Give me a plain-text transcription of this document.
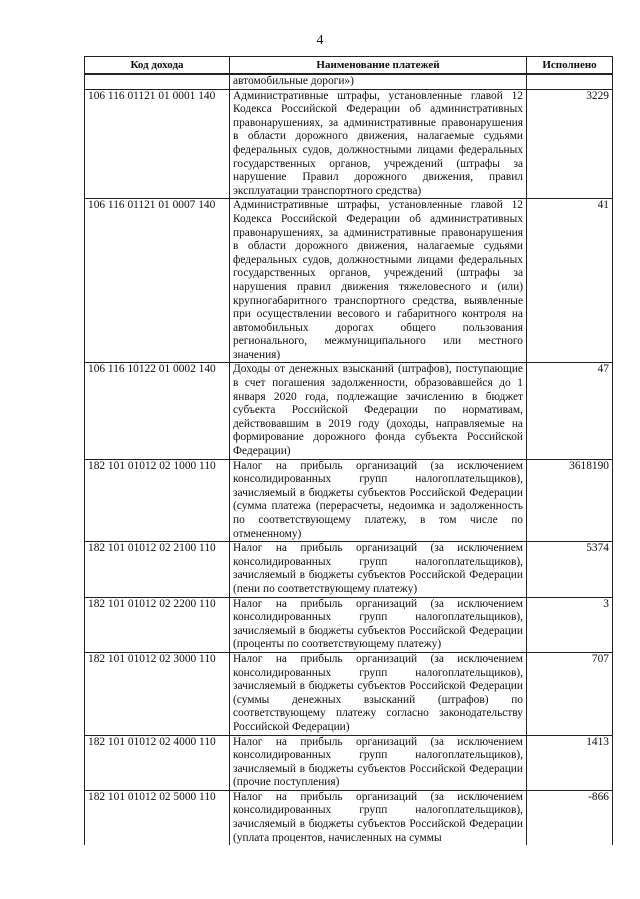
4
Код дохода	Наименование платежей	Исполнено
	автомобильные дороги»)	
106 116 01121 01 0001 140	Административные штрафы, установленные главой 12 Кодекса Российской Федерации об административных правонарушениях, за административные правонарушения в области дорожного движения, налагаемые судьями федеральных судов, должностными лицами федеральных государственных органов, учреждений (штрафы за нарушение Правил дорожного движения, правил эксплуатации транспортного средства)	3229
106 116 01121 01 0007 140	Административные штрафы, установленные главой 12 Кодекса Российской Федерации об административных правонарушениях, за административные правонарушения в области дорожного движения, налагаемые судьями федеральных судов, должностными лицами федеральных государственных органов, учреждений (штрафы за нарушения правил движения тяжеловесного и (или) крупногабаритного транспортного средства, выявленные при осуществлении весового и габаритного контроля на автомобильных дорогах общего пользования регионального, межмуниципального или местного значения)	41
106 116 10122 01 0002 140	Доходы от денежных взысканий (штрафов), поступающие в счет погашения задолженности, образовавшейся до 1 января 2020 года, подлежащие зачислению в бюджет субъекта Российской Федерации по нормативам, действовавшим в 2019 году (доходы, направляемые на формирование дорожного фонда субъекта Российской Федерации)	47
182 101 01012 02 1000 110	Налог на прибыль организаций (за исключением консолидированных групп налогоплательщиков), зачисляемый в бюджеты субъектов Российской Федерации (сумма платежа (перерасчеты, недоимка и задолженность по соответствующему платежу, в том числе по отмененному)	3618190
182 101 01012 02 2100 110	Налог на прибыль организаций (за исключением консолидированных групп налогоплательщиков), зачисляемый в бюджеты субъектов Российской Федерации (пени по соответствующему платежу)	5374
182 101 01012 02 2200 110	Налог на прибыль организаций (за исключением консолидированных групп налогоплательщиков), зачисляемый в бюджеты субъектов Российской Федерации (проценты по соответствующему платежу)	3
182 101 01012 02 3000 110	Налог на прибыль организаций (за исключением консолидированных групп налогоплательщиков), зачисляемый в бюджеты субъектов Российской Федерации (суммы денежных взысканий (штрафов) по соответствующему платежу согласно законодательству Российской Федерации)	707
182 101 01012 02 4000 110	Налог на прибыль организаций (за исключением консолидированных групп налогоплательщиков), зачисляемый в бюджеты субъектов Российской Федерации (прочие поступления)	1413
182 101 01012 02 5000 110	Налог на прибыль организаций (за исключением консолидированных групп налогоплательщиков), зачисляемый в бюджеты субъектов Российской Федерации (уплата процентов, начисленных на суммы	-866
